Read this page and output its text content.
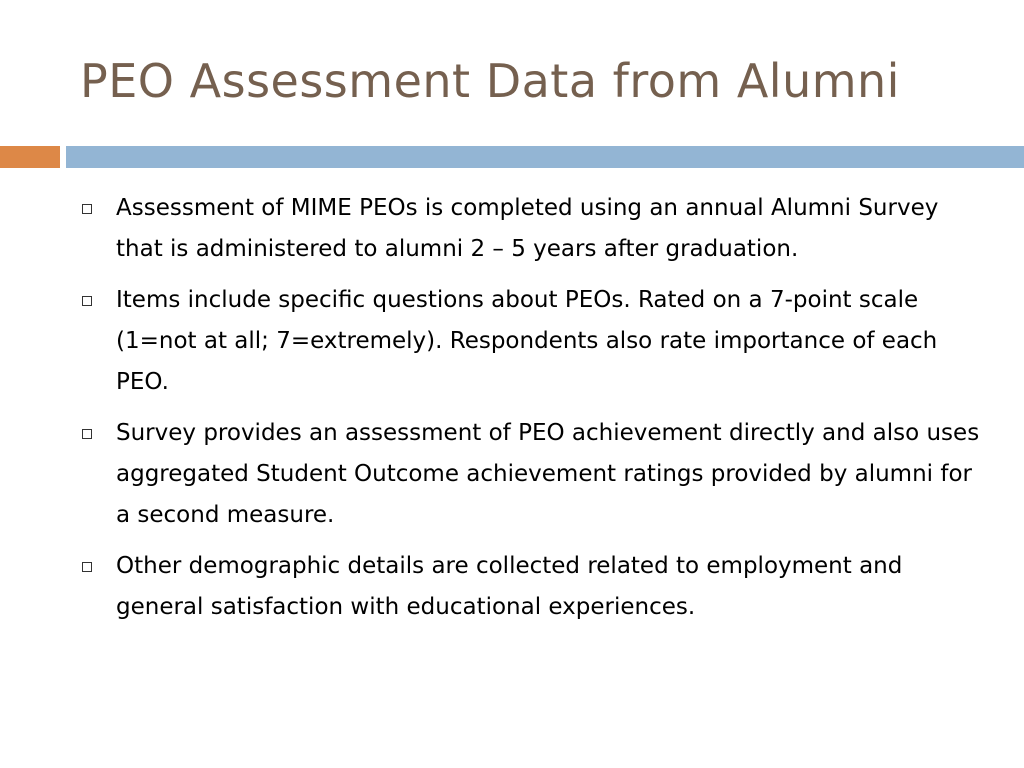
PEO Assessment Data from Alumni
Assessment of MIME PEOs is completed using an annual Alumni Survey that is administered to alumni 2 – 5 years after graduation.
Items include specific questions about PEOs. Rated on a 7-point scale (1=not at all; 7=extremely). Respondents also rate importance of each PEO.
Survey provides an assessment of PEO achievement directly and also uses aggregated Student Outcome achievement ratings provided by alumni for a second measure.
Other demographic details are collected related to employment and general satisfaction with educational experiences.
